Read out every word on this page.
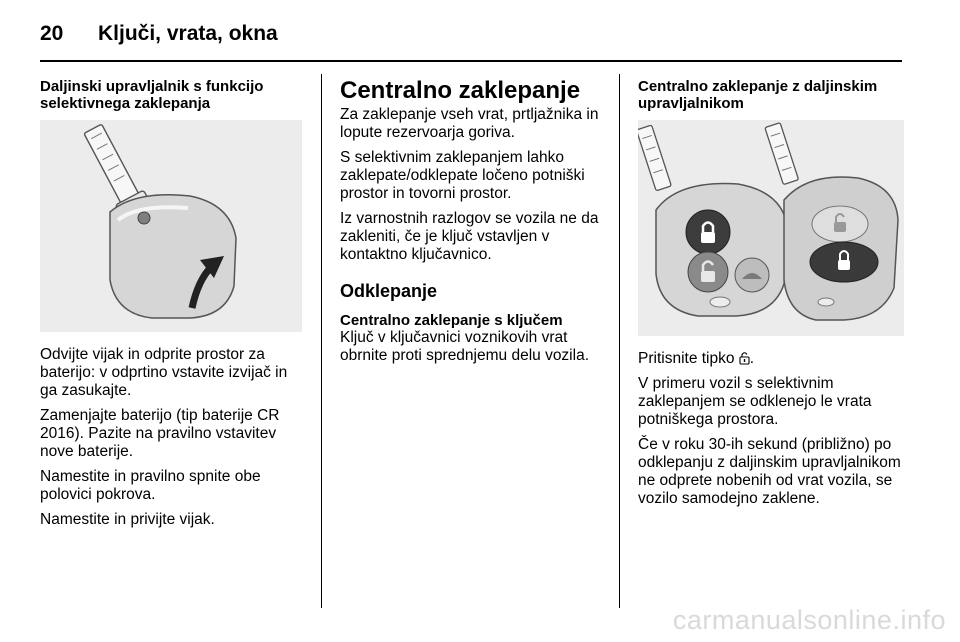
20 Ključi, vrata, okna

Daljinski upravljalnik s funkcijo selektivnega zaklepanja

Odvijte vijak in odprite prostor za baterijo: v odprtino vstavite izvijač in ga zasukajte.

Zamenjajte baterijo (tip baterije CR 2016). Pazite na pravilno vstavitev nove baterije.

Namestite in pravilno spnite obe polovici pokrova.

Namestite in privijte vijak.

Centralno zaklepanje

Za zaklepanje vseh vrat, prtljažnika in lopute rezervoarja goriva.

S selektivnim zaklepanjem lahko zaklepate/odklepate ločeno potniški prostor in tovorni prostor.

Iz varnostnih razlogov se vozila ne da zakleniti, če je ključ vstavljen v kontaktno ključavnico.

Odklepanje

Centralno zaklepanje s ključem

Ključ v ključavnici voznikovih vrat obrnite proti sprednjemu delu vozila.

Centralno zaklepanje z daljinskim upravljalnikom

Pritisnite tipko .

V primeru vozil s selektivnim zaklepanjem se odklenejo le vrata potniškega prostora.

Če v roku 30-ih sekund (približno) po odklepanju z daljinskim upravljalnikom ne odprete nobenih od vrat vozila, se vozilo samodejno zaklene.

carmanualsonline.info
